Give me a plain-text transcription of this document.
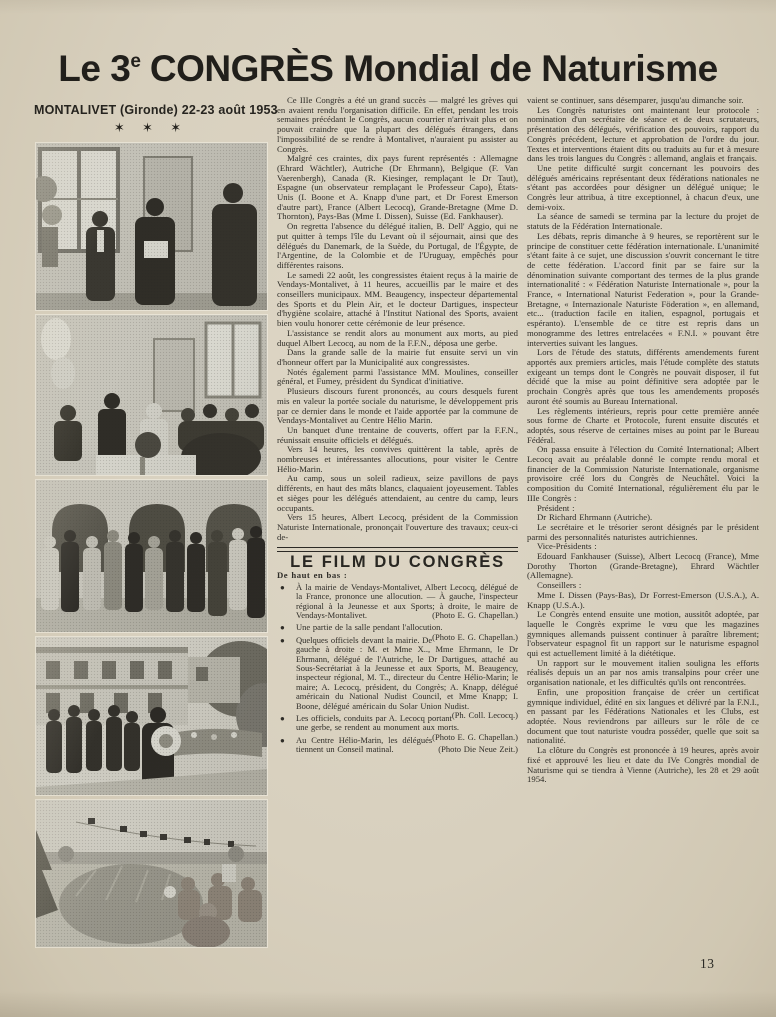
Le 3e CONGRÈS Mondial de Naturisme
MONTALIVET (Gironde) 22-23 août 1953
✶ ✶ ✶

Ce IIIe Congrès a été un grand succès — malgré les grèves qui en avaient rendu l'organisation difficile. En effet, pendant les trois semaines précédant le Congrès, aucun courrier n'arrivait plus et on pouvait craindre que la plupart des délégués étrangers, dans l'impossibilité de se rendre à Montalivet, n'auraient pu assister au Congrès.

Malgré ces craintes, dix pays furent représentés : Allemagne (Ehrard Wächtler), Autriche (Dr Ehrmann), Belgique (F. Van Vaerenbergh), Canada (R. Kiesinger, remplaçant le Dr Taut), Espagne (un observateur remplaçant le Professeur Capo), États-Unis (I. Boone et A. Knapp d'une part, et Dr Forest Emerson d'autre part), France (Albert Lecocq), Grande-Bretagne (Mme D. Thornton), Pays-Bas (Mme I. Dissen), Suisse (Ed. Fankhauser).

On regretta l'absence du délégué italien, B. Dell' Aggio, qui ne put quitter à temps l'île du Levant où il séjournait, ainsi que des délégués du Danemark, de la Suède, du Portugal, de l'Égypte, de l'Argentine, de la Colombie et de l'Uruguay, empêchés pour différentes raisons.

Le samedi 22 août, les congressistes étaient reçus à la mairie de Vendays-Montalivet, à 11 heures, accueillis par le maire et des conseillers municipaux. MM. Beaugency, inspecteur départemental des Sports et du Plein Air, et le docteur Dartigues, inspecteur d'hygiène scolaire, attaché à l'Institut National des Sports, avaient bien voulu honorer cette cérémonie de leur présence.

L'assistance se rendit alors au monument aux morts, au pied duquel Albert Lecocq, au nom de la F.F.N., déposa une gerbe.

Dans la grande salle de la mairie fut ensuite servi un vin d'honneur offert par la Municipalité aux congressistes.

Notés également parmi l'assistance MM. Moulines, conseiller général, et Fumey, président du Syndicat d'initiative.

Plusieurs discours furent prononcés, au cours desquels furent mis en valeur la portée sociale du naturisme, le développement pris par ce dernier dans le monde et l'aide apportée par la commune de Vendays-Montalivet au Centre Hélio Marin.

Un banquet d'une trentaine de couverts, offert par la F.F.N., réunissait ensuite officiels et délégués.

Vers 14 heures, les convives quittèrent la table, après de nombreuses et intéressantes allocutions, pour visiter le Centre Hélio-Marin.

Au camp, sous un soleil radieux, seize pavillons de pays différents, en haut des mâts blancs, claquaient joyeusement. Tables et sièges pour les délégués attendaient, au centre du camp, leurs occupants.

Vers 15 heures, Albert Lecocq, président de la Commission Naturiste Internationale, prononçait l'ouverture des travaux; ceux-ci de-

LE FILM DU CONGRÈS
De haut en bas :

● À la mairie de Vendays-Montalivet, Albert Lecocq, délégué de la France, prononce une allocution. — À gauche, l'inspecteur régional à la Jeunesse et aux Sports; à droite, le maire de Vendays-Montalivet.	(Photo E. G. Chapellan.)

● Une partie de la salle pendant l'allocution.
(Photo E. G. Chapellan.)

● Quelques officiels devant la mairie. De gauche à droite : M. et Mme X.., Mme Ehrmann, le Dr Ehrmann, délégué de l'Autriche, le Dr Dartigues, attaché au Sous-Secrétariat à la Jeunesse et aux Sports, M. Beaugency, inspecteur régional, M. T.., directeur du Centre Hélio-Marin; le maire; A. Lecocq, président, du Congrès; A. Knapp, délégué américain du National Nudist Council, et Mme Knapp; I. Boone, délégué américain du Solar Union Nudist.
(Ph. Coll. Lecocq.)

● Les officiels, conduits par A. Lecocq portant une gerbe, se rendent au monument aux morts.
(Photo E. G. Chapellan.)

● Au Centre Hélio-Marin, les délégués tiennent un Conseil matinal.	(Photo Die Neue Zeit.)

vaient se continuer, sans désemparer, jusqu'au dimanche soir.

Les Congrès naturistes ont maintenant leur protocole : nomination d'un secrétaire de séance et de deux scrutateurs, présentation des délégués, vérification des pouvoirs, rapport du Congrès précédent, lecture et approbation de l'ordre du jour. Textes et interventions étaient dits ou traduits au fur et à mesure dans les trois langues du Congrès : allemand, anglais et français.

Une petite difficulté surgit concernant les pouvoirs des délégués américains représentant deux fédérations nationales ne s'étant pas accordées pour désigner un délégué unique; le Congrès leur attribua, à titre exceptionnel, à chacun d'eux, une demi-voix.

La séance de samedi se termina par la lecture du projet de statuts de la Fédération Internationale.

Les débats, repris dimanche à 9 heures, se reportèrent sur le principe de constituer cette fédération internationale. L'unanimité s'étant faite à ce sujet, une discussion s'ouvrit concernant le titre de cette fédération. L'accord finit par se faire sur la dénomination suivante comportant des termes de la plus grande internationalité : « Fédération Naturiste Internationale », pour la France, « International Naturist Federation », pour la Grande-Bretagne, « Internazionale Naturiste Föderation », en allemand, etc... (traduction facile en italien, espagnol, portugais et espéranto). L'ensemble de ce titre est repris dans un monogramme des lettres entrelacées « F.N.I. » pouvant être interverties suivant les langues.

Lors de l'étude des statuts, différents amendements furent apportés aux premiers articles, mais l'étude complète des statuts exigeant un temps dont le Congrès ne pouvait disposer, il fut décidé que la mise au point définitive sera adoptée par le prochain Congrès après que tous les amendements proposés auront été soumis au Bureau International.

Les règlements intérieurs, repris pour cette première année sous forme de Charte et Protocole, furent ensuite discutés et adoptés, sous réserve de certaines mises au point par le Bureau Fédéral.

On passa ensuite à l'élection du Comité International; Albert Lecocq avait au préalable donné le compte rendu moral et financier de la Commission Naturiste Internationale, organisme provisoire créé lors du Congrès de Neuchâtel. Voici la composition du Comité International, régulièrement élu par le IIIe Congrès :

Président :

Dr Richard Ehrmann (Autriche).

Le secrétaire et le trésorier seront désignés par le président parmi des personnalités naturistes autrichiennes.

Vice-Présidents :

Edouard Fankhauser (Suisse), Albert Lecocq (France), Mme Dorothy Thorton (Grande-Bretagne), Ehrard Wächtler (Allemagne).

Conseillers :

Mme I. Dissen (Pays-Bas), Dr Forrest-Emerson (U.S.A.), A. Knapp (U.S.A.).

Le Congrès entend ensuite une motion, aussitôt adoptée, par laquelle le Congrès exprime le vœu que les magazines gymniques allemands puissent continuer à paraître librement; l'observateur espagnol fit un rapport sur le naturisme espagnol qui est actuellement limité à la diététique.

Un rapport sur le mouvement italien souligna les efforts réalisés depuis un an par nos amis transalpins pour créer une organisation nationale, et les difficultés qu'ils ont rencontrées.

Enfin, une proposition française de créer un certificat gymnique individuel, édité en six langues et délivré par la F.N.I., en passant par les Fédérations Nationales et les Clubs, est adoptée. Nous reviendrons par ailleurs sur le rôle de ce document que tout naturiste voudra posséder, quelle que soit sa nationalité.

La clôture du Congrès est prononcée à 19 heures, après avoir fixé et approuvé les lieu et date du IVe Congrès mondial de Naturisme qui se tiendra à Vienne (Autriche), les 28 et 29 août 1954.

13
